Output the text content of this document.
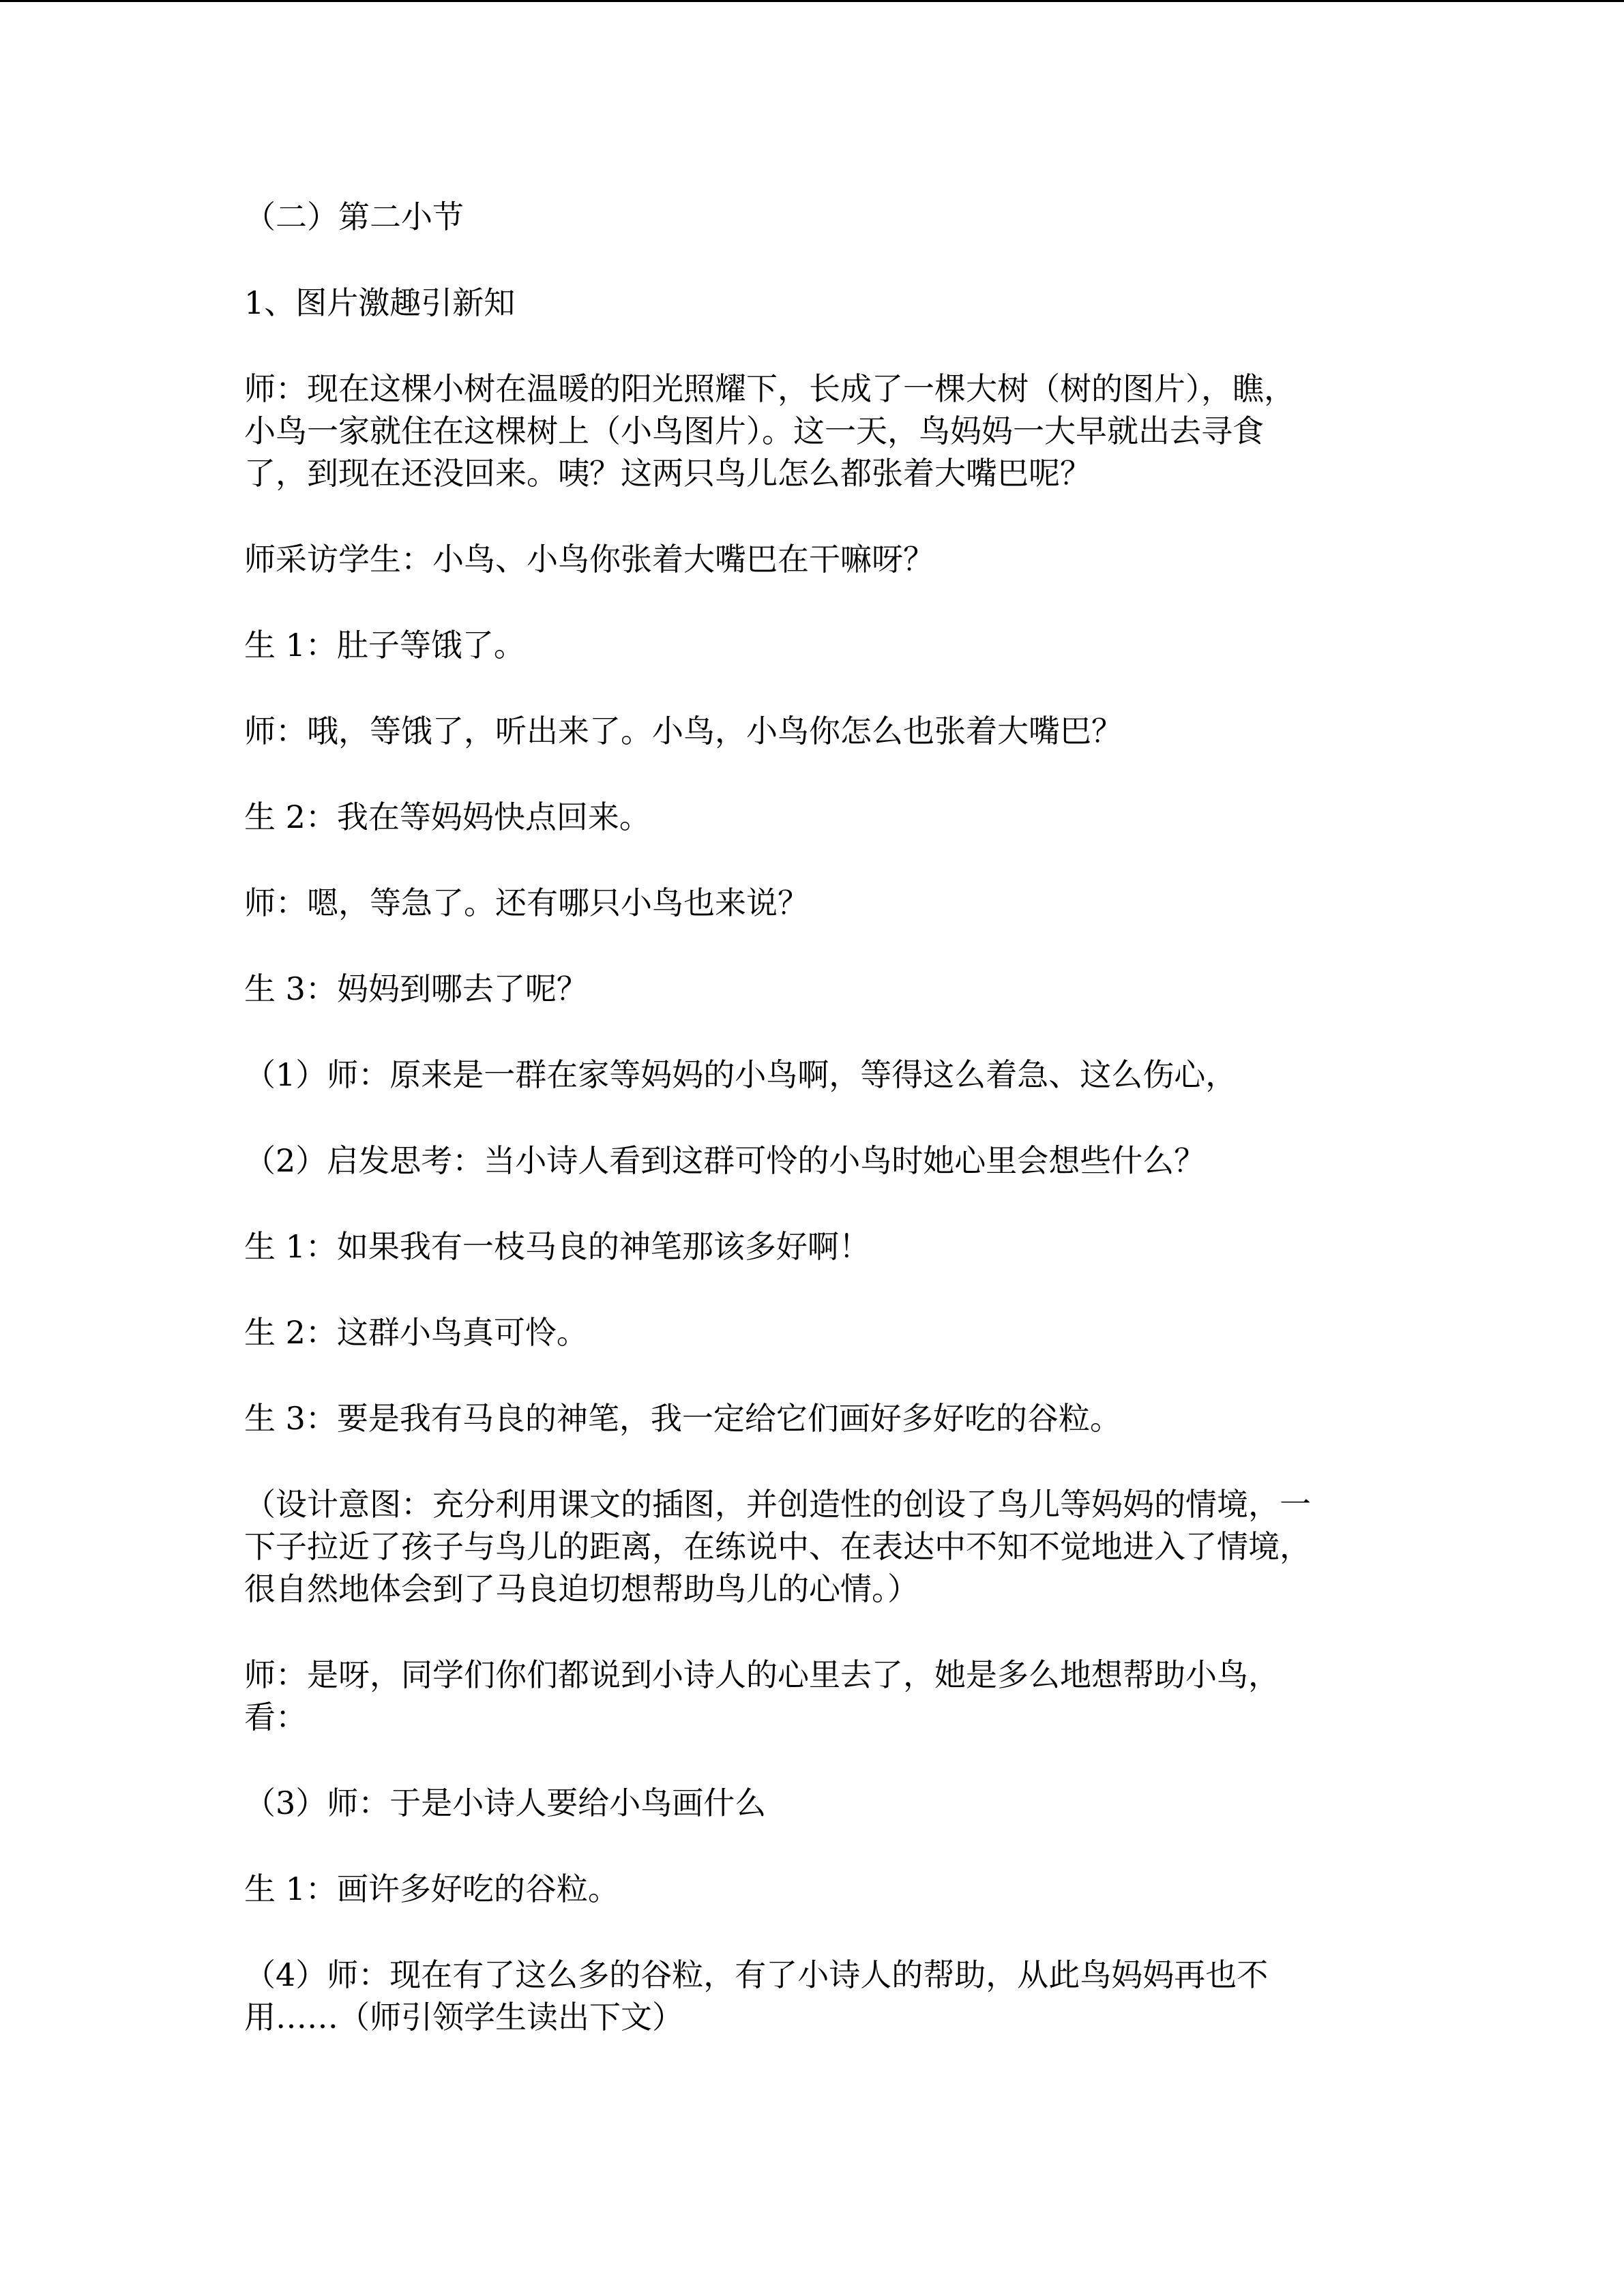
（二）第二小节

1、图片激趣引新知

师：现在这棵小树在温暖的阳光照耀下，长成了一棵大树（树的图片），瞧，
小鸟一家就住在这棵树上（小鸟图片）。这一天，鸟妈妈一大早就出去寻食
了，到现在还没回来。咦？这两只鸟儿怎么都张着大嘴巴呢？

师采访学生：小鸟、小鸟你张着大嘴巴在干嘛呀？

生 1：肚子等饿了。

师：哦，等饿了，听出来了。小鸟，小鸟你怎么也张着大嘴巴？

生 2：我在等妈妈快点回来。

师：嗯，等急了。还有哪只小鸟也来说？

生 3：妈妈到哪去了呢？

（1）师：原来是一群在家等妈妈的小鸟啊，等得这么着急、这么伤心，

（2）启发思考：当小诗人看到这群可怜的小鸟时她心里会想些什么？

生 1：如果我有一枝马良的神笔那该多好啊！

生 2：这群小鸟真可怜。

生 3：要是我有马良的神笔，我一定给它们画好多好吃的谷粒。

（设计意图：充分利用课文的插图，并创造性的创设了鸟儿等妈妈的情境，一
下子拉近了孩子与鸟儿的距离，在练说中、在表达中不知不觉地进入了情境，
很自然地体会到了马良迫切想帮助鸟儿的心情。）

师：是呀，同学们你们都说到小诗人的心里去了，她是多么地想帮助小鸟，
看：

（3）师：于是小诗人要给小鸟画什么

生 1：画许多好吃的谷粒。

（4）师：现在有了这么多的谷粒，有了小诗人的帮助，从此鸟妈妈再也不
用……（师引领学生读出下文）
